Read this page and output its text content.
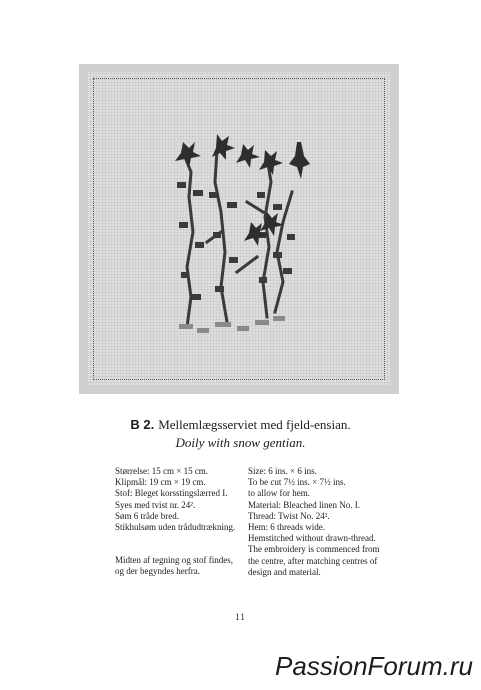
B 2. Mellemlægsserviet med fjeld-ensian.
Doily with snow gentian.
Størrelse: 15 cm × 15 cm.
Klipmål: 19 cm × 19 cm.
Stof: Bleget korsstingslærred I.
Syes med tvist nr. 24².
Søm 6 tråde bred.
Stikhulsøm uden trådudtrækning.
Midten af tegning og stof findes,
og der begyndes herfra.
Size: 6 ins. × 6 ins.
To be cut 7½ ins. × 7½ ins.
to allow for hem.
Material: Bleached linen No. I.
Thread: Twist No. 24².
Hem: 6 threads wide.
Hemstitched without drawn-thread.
The embroidery is commenced from
the centre, after matching centres of
design and material.
11
PassionForum.ru
